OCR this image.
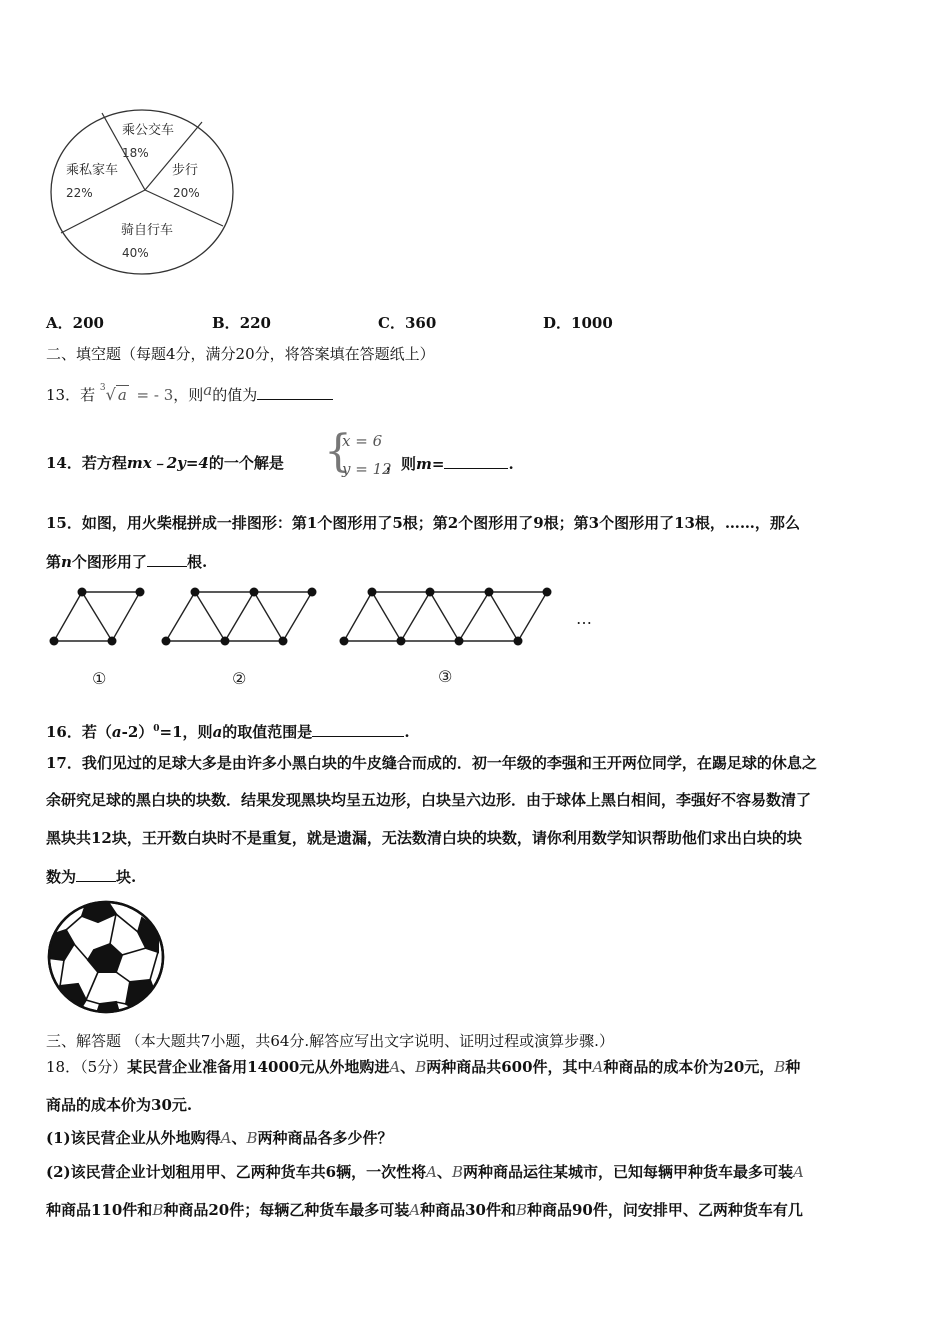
乘公交车
18%
步行
20%
骑自行车
40%
乘私家车
22%
A．200	B．220	C．360	D．1000
二、填空题（每题4分，满分20分，将答案填在答题纸上）
13．若 $^3$√ a = - 3，则a的值为
14．若方程mx﹣2y=4的一个解是 {
x = 6
y = 12
，则m=	.
15．如图，用火柴棍拼成一排图形：第1个图形用了5根；第2个图形用了9根；第3个图形用了13根，……，那么
第n个图形用了	根.
①	②	③
…
16．若$(a-2)^0=1$，则a的取值范围是	.
17．我们见过的足球大多是由许多小黑白块的牛皮缝合而成的．初一年级的李强和王开两位同学，在踢足球的休息之
余研究足球的黑白块的块数．结果发现黑块均呈五边形，白块呈六边形．由于球体上黑白相间，李强好不容易数清了
黑块共12块，王开数白块时不是重复，就是遗漏，无法数清白块的块数，请你利用数学知识帮助他们求出白块的块
数为	块.
三、解答题 （本大题共7小题，共64分.解答应写出文字说明、证明过程或演算步骤.）
18．（5分）某民营企业准备用14000元从外地购进A、B两种商品共600件，其中A种商品的成本价为20元，B种
商品的成本价为30元.
(1)该民营企业从外地购得A、B两种商品各多少件？
(2)该民营企业计划租用甲、乙两种货车共6辆，一次性将A、B两种商品运往某城市，已知每辆甲种货车最多可装A
种商品110件和B种商品20件；每辆乙种货车最多可装A种商品30件和B种商品90件，问安排甲、乙两种货车有几
